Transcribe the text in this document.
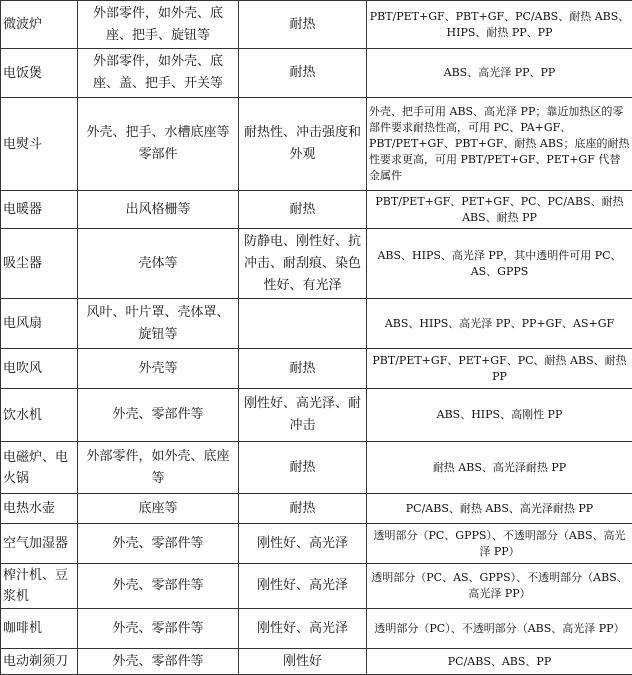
微波炉	外部零件，如外壳、底座、把手、旋钮等	耐热	PBT/PET+GF、PBT+GF、PC/ABS、耐热 ABS、HIPS、耐热 PP、PP
电饭煲	外部零件，如外壳、底座、盖、把手、开关等	耐热	ABS、高光泽 PP、PP
电熨斗	外壳、把手、水槽底座等零部件	耐热性、冲击强度和外观	外壳、把手可用 ABS、高光泽 PP；靠近加热区的零部件要求耐热性高，可用 PC、PA+GF、PBT/PET+GF、PBT+GF、耐热 ABS；底座的耐热性要求更高，可用 PBT/PET+GF、PET+GF 代替金属件
电暖器	出风格栅等	耐热	PBT/PET+GF、PET+GF、PC、PC/ABS、耐热 ABS、耐热 PP
吸尘器	壳体等	防静电、刚性好、抗冲击、耐刮痕、染色性好、有光泽	ABS、HIPS、高光泽 PP，其中透明件可用 PC、AS、GPPS
电风扇	风叶、叶片罩、壳体罩、旋钮等		ABS、HIPS、高光泽 PP、PP+GF、AS+GF
电吹风	外壳等	耐热	PBT/PET+GF、PET+GF、PC、耐热 ABS、耐热 PP
饮水机	外壳、零部件等	刚性好、高光泽、耐冲击	ABS、HIPS、高刚性 PP
电磁炉、电火锅	外部零件，如外壳、底座等	耐热	耐热 ABS、高光泽耐热 PP
电热水壶	底座等	耐热	PC/ABS、耐热 ABS、高光泽耐热 PP
空气加湿器	外壳、零部件等	刚性好、高光泽	透明部分（PC、GPPS）、不透明部分（ABS、高光泽 PP）
榨汁机、豆浆机	外壳、零部件等	刚性好、高光泽	透明部分（PC、AS、GPPS）、不透明部分（ABS、高光泽 PP）
咖啡机	外壳、零部件等	刚性好、高光泽	透明部分（PC）、不透明部分（ABS、高光泽 PP）
电动剃须刀	外壳、零部件等	刚性好	PC/ABS、ABS、PP
